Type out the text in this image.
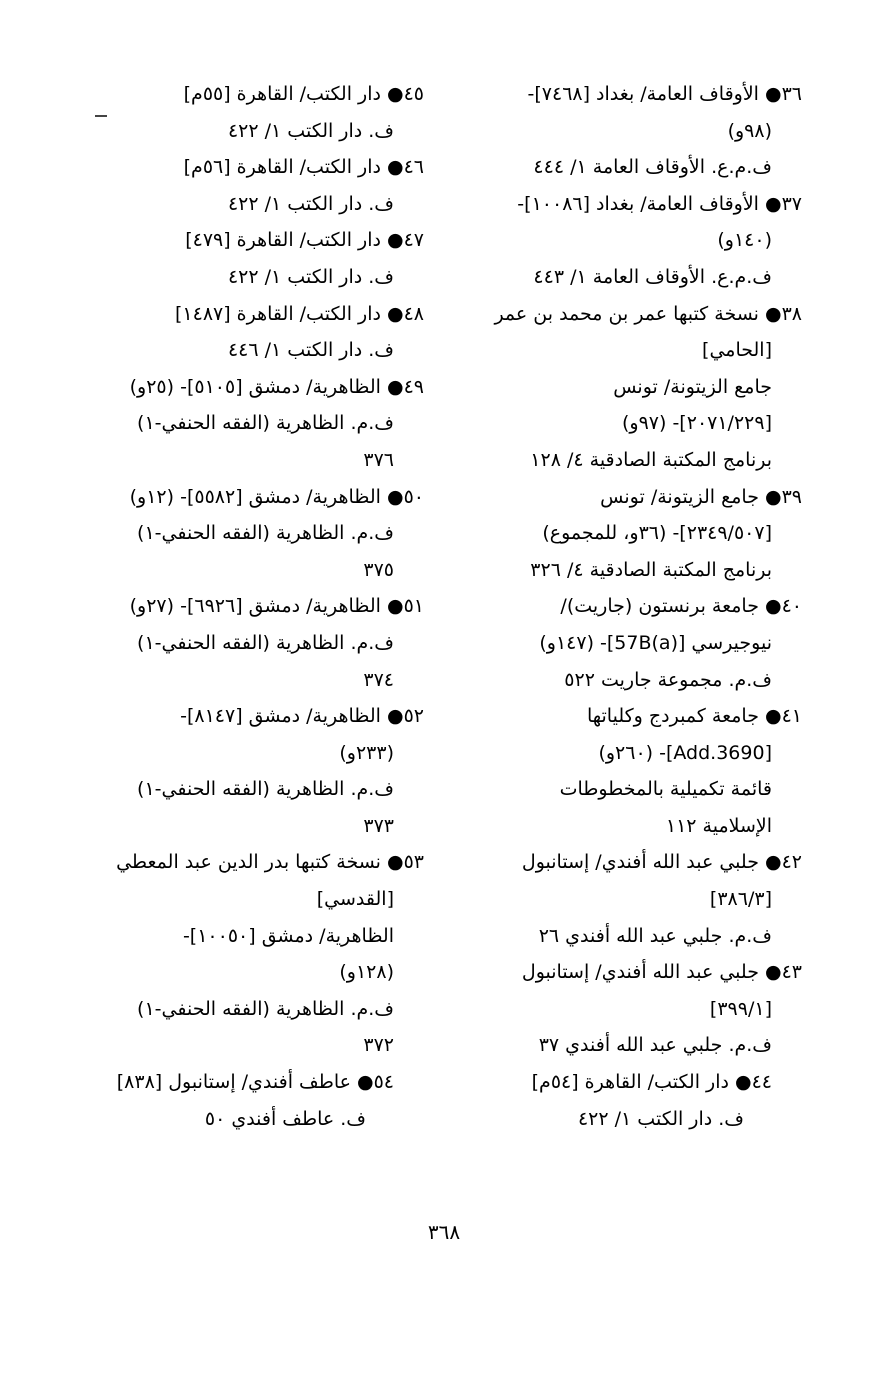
٣٦● الأوقاف العامة/ بغداد [٧٤٦٨]-
(٩٨و)
ف.م.ع. الأوقاف العامة ١/ ٤٤٤
٣٧● الأوقاف العامة/ بغداد [١٠٠٨٦]-
(١٤٠و)
ف.م.ع. الأوقاف العامة ١/ ٤٤٣
٣٨● نسخة كتبها عمر بن محمد بن عمر
[الحامي]
جامع الزيتونة/ تونس
[٢٠٧١/٢٢٩]- (٩٧و)
برنامج المكتبة الصادقية ٤/ ١٢٨
٣٩● جامع الزيتونة/ تونس
[٢٣٤٩/٥٠٧]- (٣٦و، للمجموع)
برنامج المكتبة الصادقية ٤/ ٣٢٦
٤٠● جامعة برنستون (جاريت)/
نيوجيرسي [57B(a)]- (١٤٧و)
ف.م. مجموعة جاريت ٥٢٢
٤١● جامعة كمبردج وكلياتها
[Add.3690]- (٢٦٠و)
قائمة تكميلية بالمخطوطات
الإسلامية ١١٢
٤٢● جلبي عبد الله أفندي/ إستانبول
[٣٨٦/٣]
ف.م. جلبي عبد الله أفندي ٢٦
٤٣● جلبي عبد الله أفندي/ إستانبول
[٣٩٩/١]
ف.م. جلبي عبد الله أفندي ٣٧
٤٤● دار الكتب/ القاهرة [٥٤م]
ف. دار الكتب ١/ ٤٢٢
٤٥● دار الكتب/ القاهرة [٥٥م]
ف. دار الكتب ١/ ٤٢٢
٤٦● دار الكتب/ القاهرة [٥٦م]
ف. دار الكتب ١/ ٤٢٢
٤٧● دار الكتب/ القاهرة [٤٧٩]
ف. دار الكتب ١/ ٤٢٢
٤٨● دار الكتب/ القاهرة [١٤٨٧]
ف. دار الكتب ١/ ٤٤٦
٤٩● الظاهرية/ دمشق [٥١٠٥]- (٢٥و)
ف.م. الظاهرية (الفقه الحنفي-١)
٣٧٦
٥٠● الظاهرية/ دمشق [٥٥٨٢]- (١٢و)
ف.م. الظاهرية (الفقه الحنفي-١)
٣٧٥
٥١● الظاهرية/ دمشق [٦٩٢٦]- (٢٧و)
ف.م. الظاهرية (الفقه الحنفي-١)
٣٧٤
٥٢● الظاهرية/ دمشق [٨١٤٧]-
(٢٣٣و)
ف.م. الظاهرية (الفقه الحنفي-١)
٣٧٣
٥٣● نسخة كتبها بدر الدين عبد المعطي
[القدسي]
الظاهرية/ دمشق [١٠٠٥٠]-
(١٢٨و)
ف.م. الظاهرية (الفقه الحنفي-١)
٣٧٢
٥٤● عاطف أفندي/ إستانبول [٨٣٨]
ف. عاطف أفندي ٥٠
٣٦٨
